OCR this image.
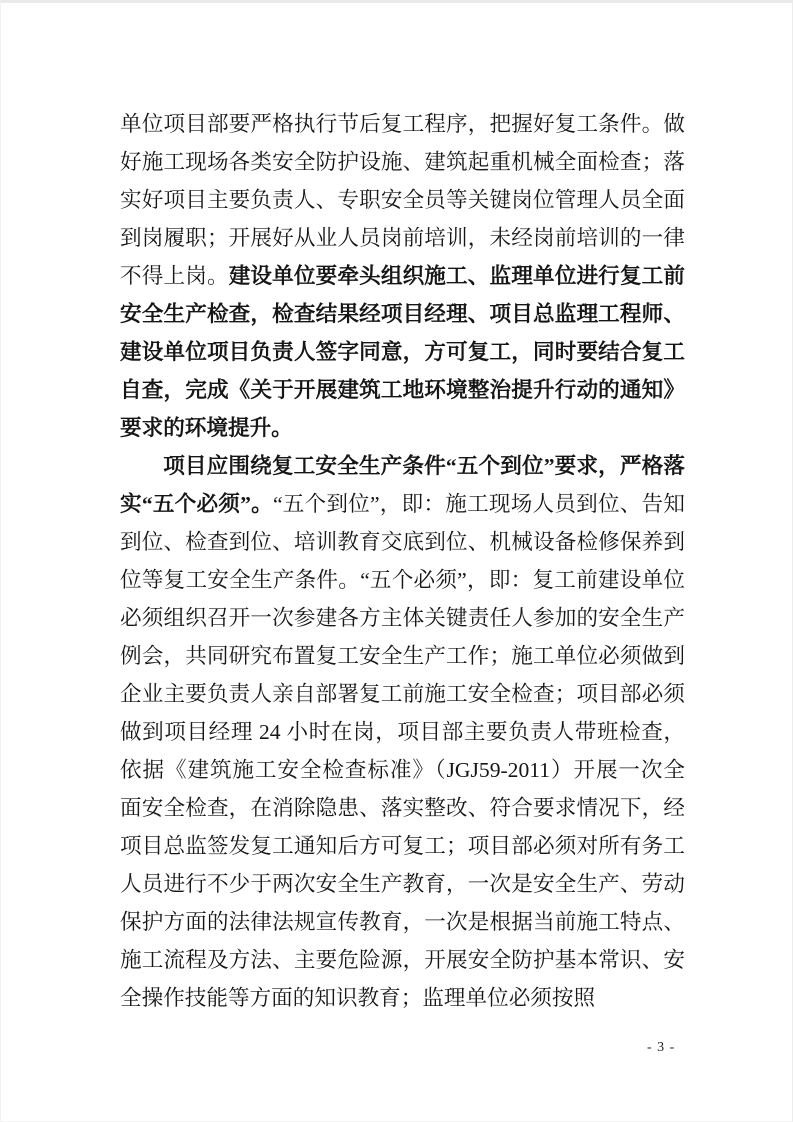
单位项目部要严格执行节后复工程序，把握好复工条件。做好施工现场各类安全防护设施、建筑起重机械全面检查；落实好项目主要负责人、专职安全员等关键岗位管理人员全面到岗履职；开展好从业人员岗前培训，未经岗前培训的一律不得上岗。建设单位要牵头组织施工、监理单位进行复工前安全生产检查，检查结果经项目经理、项目总监理工程师、建设单位项目负责人签字同意，方可复工，同时要结合复工自查，完成《关于开展建筑工地环境整治提升行动的通知》要求的环境提升。

项目应围绕复工安全生产条件“五个到位”要求，严格落实“五个必须”。“五个到位”，即：施工现场人员到位、告知到位、检查到位、培训教育交底到位、机械设备检修保养到位等复工安全生产条件。“五个必须”，即：复工前建设单位必须组织召开一次参建各方主体关键责任人参加的安全生产例会，共同研究布置复工安全生产工作；施工单位必须做到企业主要负责人亲自部署复工前施工安全检查；项目部必须做到项目经理 24 小时在岗，项目部主要负责人带班检查，依据《建筑施工安全检查标准》（JGJ59-2011）开展一次全面安全检查，在消除隐患、落实整改、符合要求情况下，经项目总监签发复工通知后方可复工；项目部必须对所有务工人员进行不少于两次安全生产教育，一次是安全生产、劳动保护方面的法律法规宣传教育，一次是根据当前施工特点、施工流程及方法、主要危险源，开展安全防护基本常识、安全操作技能等方面的知识教育；监理单位必须按照

- 3 -
